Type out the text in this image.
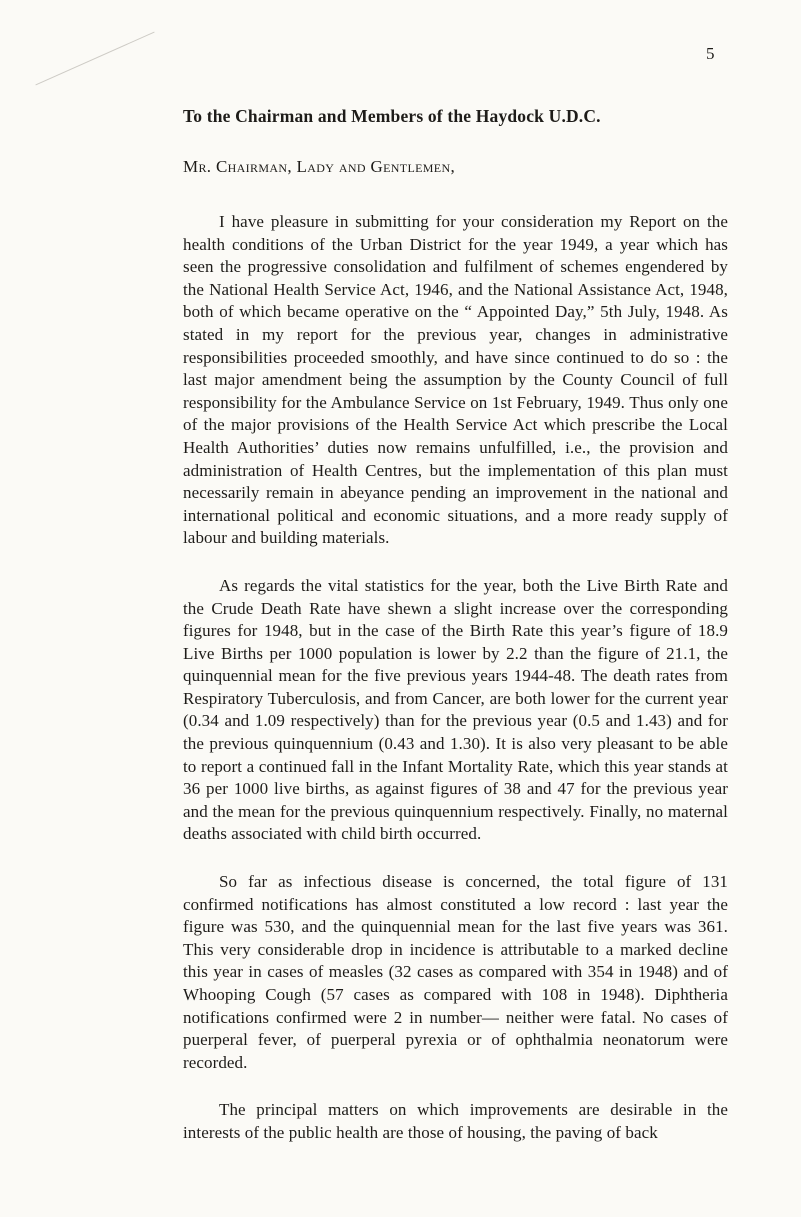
5
To the Chairman and Members of the Haydock U.D.C.

Mr. Chairman, Lady and Gentlemen,

I have pleasure in submitting for your consideration my Report on the health conditions of the Urban District for the year 1949, a year which has seen the progressive consolidation and fulfilment of schemes engendered by the National Health Service Act, 1946, and the National Assistance Act, 1948, both of which became operative on the “ Appointed Day,” 5th July, 1948. As stated in my report for the previous year, changes in administrative responsibilities proceeded smoothly, and have since continued to do so : the last major amendment being the assumption by the County Council of full responsibility for the Ambulance Service on 1st February, 1949. Thus only one of the major provisions of the Health Service Act which prescribe the Local Health Authorities’ duties now remains unfulfilled, i.e., the provision and administration of Health Centres, but the implementation of this plan must necessarily remain in abeyance pending an improvement in the national and international political and economic situations, and a more ready supply of labour and building materials.

As regards the vital statistics for the year, both the Live Birth Rate and the Crude Death Rate have shewn a slight increase over the corresponding figures for 1948, but in the case of the Birth Rate this year’s figure of 18.9 Live Births per 1000 population is lower by 2.2 than the figure of 21.1, the quinquennial mean for the five previous years 1944-48. The death rates from Respiratory Tuberculosis, and from Cancer, are both lower for the current year (0.34 and 1.09 respectively) than for the previous year (0.5 and 1.43) and for the previous quinquennium (0.43 and 1.30). It is also very pleasant to be able to report a continued fall in the Infant Mortality Rate, which this year stands at 36 per 1000 live births, as against figures of 38 and 47 for the previous year and the mean for the previous quinquennium respectively. Finally, no maternal deaths associated with child birth occurred.

So far as infectious disease is concerned, the total figure of 131 confirmed notifications has almost constituted a low record : last year the figure was 530, and the quinquennial mean for the last five years was 361. This very considerable drop in incidence is attributable to a marked decline this year in cases of measles (32 cases as compared with 354 in 1948) and of Whooping Cough (57 cases as compared with 108 in 1948). Diphtheria notifications confirmed were 2 in number— neither were fatal. No cases of puerperal fever, of puerperal pyrexia or of ophthalmia neonatorum were recorded.

The principal matters on which improvements are desirable in the interests of the public health are those of housing, the paving of back
